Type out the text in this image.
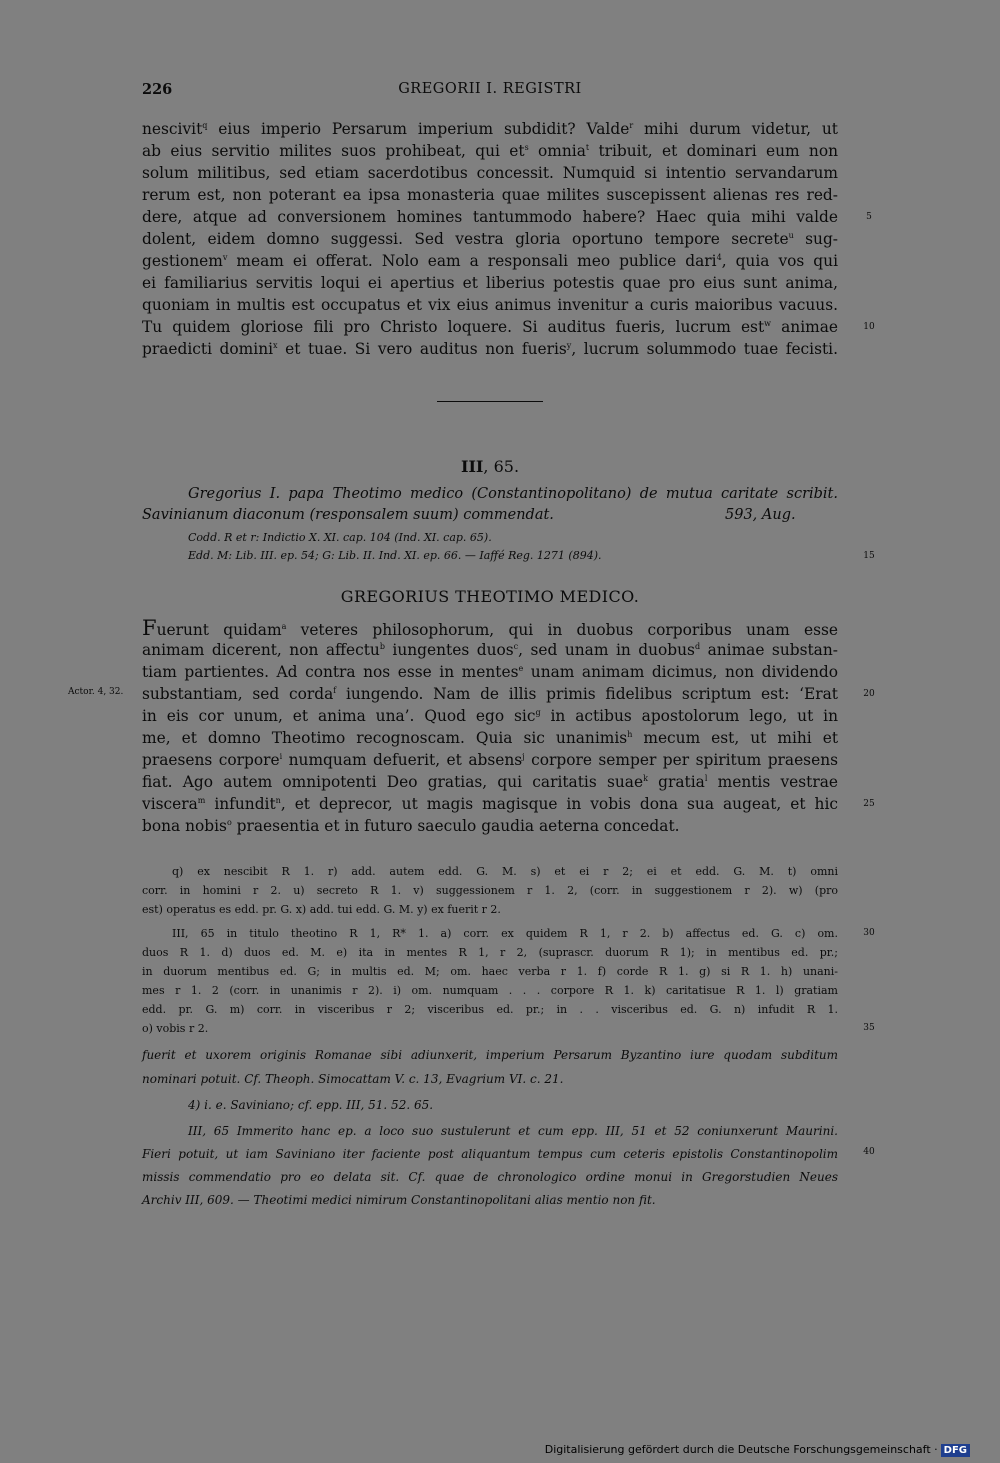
226	GREGORII I. REGISTRI
nescivit$^q$ eius imperio Persarum imperium subdidit? Valde$^r$ mihi durum videtur, ut
ab eius servitio milites suos prohibeat, qui $et^s$ omnia$^t$ tribuit, et dominari eum non
solum militibus, sed etiam sacerdotibus concessit. Numquid si intentio servandarum
rerum est, non poterant ea ipsa monasteria quae milites suscepissent alienas res red-
dere, atque ad conversionem homines tantummodo habere? Haec quia mihi valde
dolent, eidem domno suggessi. Sed vestra gloria oportuno tempore secrete$^u$ sug-
gestionem$^v$ meam ei offerat. Nolo eam a responsali meo publice dari$^4$, quia vos qui
ei familiarius servitis loqui ei apertius et liberius potestis quae pro eius sunt anima,
quoniam in multis est occupatus et vix eius animus invenitur a curis maioribus vacuus.
Tu quidem gloriose fili pro Christo loquere. Si auditus fueris, lucrum est$^w$ animae
praedicti domini$^x$ et tuae. Si vero auditus non fueris$^y$, lucrum solummodo tuae fecisti.
5
10
III, 65.
Gregorius I. papa Theotimo medico (Constantinopolitano) de mutua caritate scribit.
Savinianum diaconum (responsalem suum) commendat.	593, Aug.
Codd. R et r: Indictio X. XI. cap. 104 (Ind. XI. cap. 65).
Edd. M: Lib. III. ep. 54; G: Lib. II. Ind. XI. ep. 66. — Iaffé Reg. 1271 (894).	15
GREGORIUS THEOTIMO MEDICO.
Fuerunt quidam$^a$ veteres philosophorum, qui in duobus corporibus unam esse
animam dicerent, non affectu$^b$ iungentes duos$^c$, sed unam in duobus$^d$ animae substan-
tiam partientes. Ad contra nos esse in mentes$^e$ unam animam dicimus, non dividendo
substantiam, sed corda$^f$ iungendo. Nam de illis primis fidelibus scriptum est: ‘Erat
in eis cor unum, et anima una’. Quod ego sic$^g$ in actibus apostolorum lego, ut in
me, et domno Theotimo recognoscam. Quia sic unanimis$^h$ mecum est, ut mihi et
praesens corpore$^i$ numquam defuerit, et absens$^j$ corpore semper per spiritum praesens
fiat. Ago autem omnipotenti Deo gratias, qui caritatis suae$^k$ gratia$^l$ mentis vestrae
viscera$^m$ infundit$^n$, et deprecor, ut magis magisque in vobis dona sua augeat, et hic
bona nobis$^o$ praesentia et in futuro saeculo gaudia aeterna concedat.
Actor. 4, 32.	20
25
q) ex nescibit R 1. r) add. autem edd. G. M. s) et ei r 2; ei et edd. G. M. t) omni
corr. in homini r 2. u) secreto R 1. v) suggessionem r 1. 2, (corr. in suggestionem r 2). w) (pro
est) operatus es edd. pr. G. x) add. tui edd. G. M. y) ex fuerit r 2.
III, 65 in titulo theotino R 1, R* 1. a) corr. ex quidem R 1, r 2. b) affectus ed. G. c) om.
duos R 1. d) duos ed. M. e) ita in mentes R 1, r 2, (suprascr. duorum R 1); in mentibus ed. pr.;
in duorum mentibus ed. G; in multis ed. M; om. haec verba r 1. f) corde R 1. g) si R 1. h) unani-
mes r 1. 2 (corr. in unanimis r 2). i) om. numquam . . . corpore R 1. k) caritatisue R 1. l) gratiam
edd. pr. G. m) corr. in visceribus r 2; visceribus ed. pr.; in . . visceribus ed. G. n) infudit R 1.
o) vobis r 2.
30
35
fuerit et uxorem originis Romanae sibi adiunxerit, imperium Persarum Byzantino iure quodam subditum
nominari potuit. Cf. Theoph. Simocattam V. c. 13, Evagrium VI. c. 21.
4) i. e. Saviniano; cf. epp. III, 51. 52. 65.
III, 65 Immerito hanc ep. a loco suo sustulerunt et cum epp. III, 51 et 52 coniunxerunt Maurini.
Fieri potuit, ut iam Saviniano iter faciente post aliquantum tempus cum ceteris epistolis Constantinopolim
missis commendatio pro eo delata sit. Cf. quae de chronologico ordine monui in Gregorstudien Neues
Archiv III, 609. — Theotimi medici nimirum Constantinopolitani alias mentio non fit.
40
Digitalisierung gefördert durch die Deutsche Forschungsgemeinschaft · DFG
